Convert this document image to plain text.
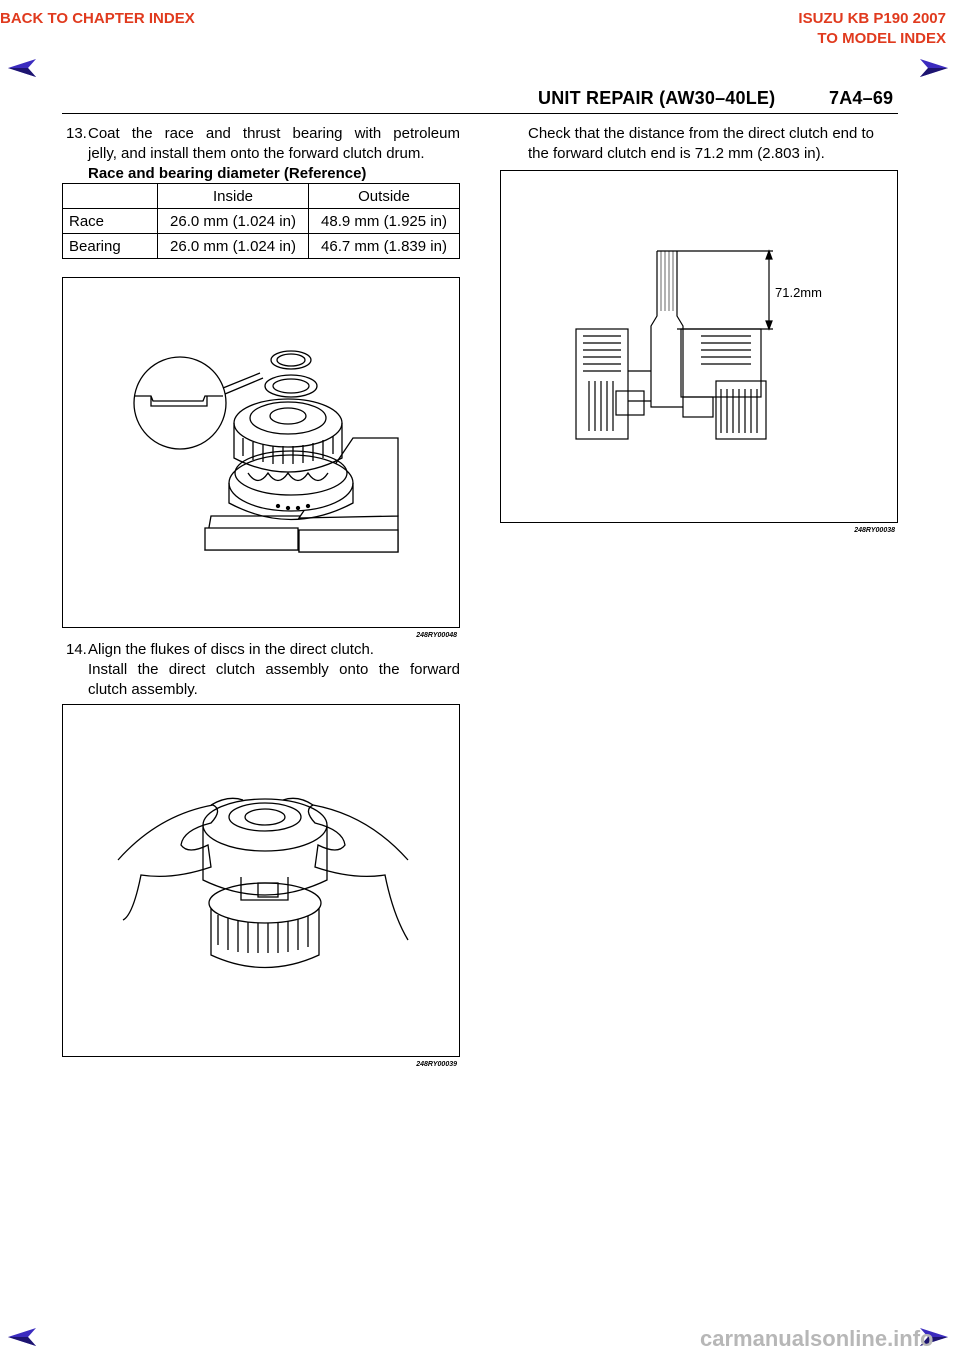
BACK TO CHAPTER INDEX	ISUZU KB P190 2007
TO MODEL INDEX
UNIT REPAIR (AW30–40LE)	7A4–69
13. Coat the race and thrust bearing with petroleum
jelly, and install them onto the forward clutch drum.
Race and bearing diameter (Reference)
	Inside	Outside
Race	26.0 mm (1.024 in)	48.9 mm (1.925 in)
Bearing	26.0 mm (1.024 in)	46.7 mm (1.839 in)
248RY00048
14. Align the flukes of discs in the direct clutch.
Install the direct clutch assembly onto the forward
clutch assembly.
248RY00039
Check that the distance from the direct clutch end to
the forward clutch end is 71.2 mm (2.803 in).
71.2mm
248RY00038
carmanualsonline.info
